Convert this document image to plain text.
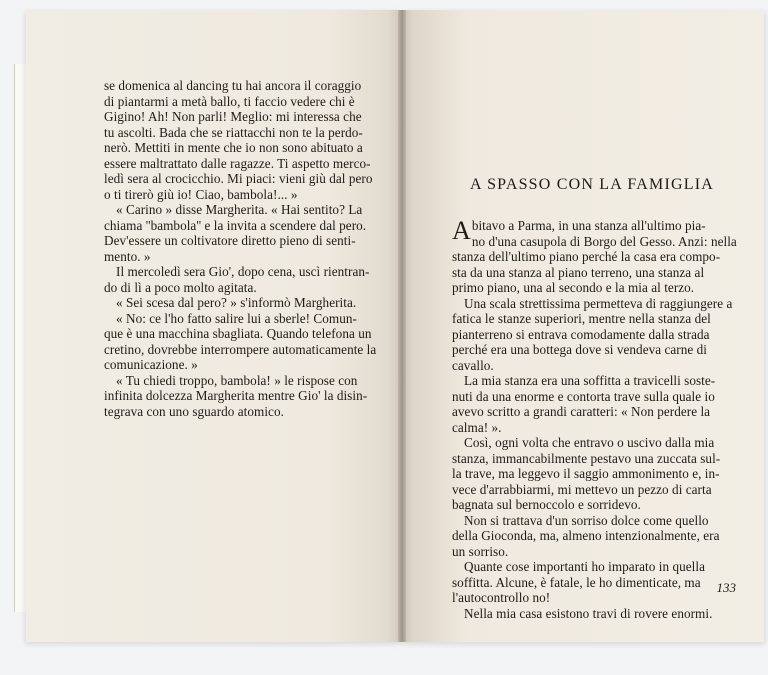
se domenica al dancing tu hai ancora il coraggio
di piantarmi a metà ballo, ti faccio vedere chi è
Gigino! Ah! Non parli! Meglio: mi interessa che
tu ascolti. Bada che se riattacchi non te la perdo-
nerò. Mettiti in mente che io non sono abituato a
essere maltrattato dalle ragazze. Ti aspetto merco-
ledì sera al crocicchio. Mi piaci: vieni giù dal pero
o ti tirerò giù io! Ciao, bambola!... »
« Carino » disse Margherita. « Hai sentito? La
chiama ''bambola'' e la invita a scendere dal pero.
Dev'essere un coltivatore diretto pieno di senti-
mento. »
Il mercoledì sera Gio', dopo cena, uscì rientran-
do di lì a poco molto agitata.
« Sei scesa dal pero? » s'informò Margherita.
« No: ce l'ho fatto salire lui a sberle! Comun-
que è una macchina sbagliata. Quando telefona un
cretino, dovrebbe interrompere automaticamente la
comunicazione. »
« Tu chiedi troppo, bambola! » le rispose con
infinita dolcezza Margherita mentre Gio' la disin-
tegrava con uno sguardo atomico.
A SPASSO CON LA FAMIGLIA
A bitavo a Parma, in una stanza all'ultimo pia-
no d'una casupola di Borgo del Gesso. Anzi: nella
stanza dell'ultimo piano perché la casa era compo-
sta da una stanza al piano terreno, una stanza al
primo piano, una al secondo e la mia al terzo.
Una scala strettissima permetteva di raggiungere a
fatica le stanze superiori, mentre nella stanza del
pianterreno si entrava comodamente dalla strada
perché era una bottega dove si vendeva carne di
cavallo.
La mia stanza era una soffitta a travicelli soste-
nuti da una enorme e contorta trave sulla quale io
avevo scritto a grandi caratteri: « Non perdere la
calma! ».
Così, ogni volta che entravo o uscivo dalla mia
stanza, immancabilmente pestavo una zuccata sul-
la trave, ma leggevo il saggio ammonimento e, in-
vece d'arrabbiarmi, mi mettevo un pezzo di carta
bagnata sul bernoccolo e sorridevo.
Non si trattava d'un sorriso dolce come quello
della Gioconda, ma, almeno intenzionalmente, era
un sorriso.
Quante cose importanti ho imparato in quella
soffitta. Alcune, è fatale, le ho dimenticate, ma
l'autocontrollo no!
Nella mia casa esistono travi di rovere enormi.
133
